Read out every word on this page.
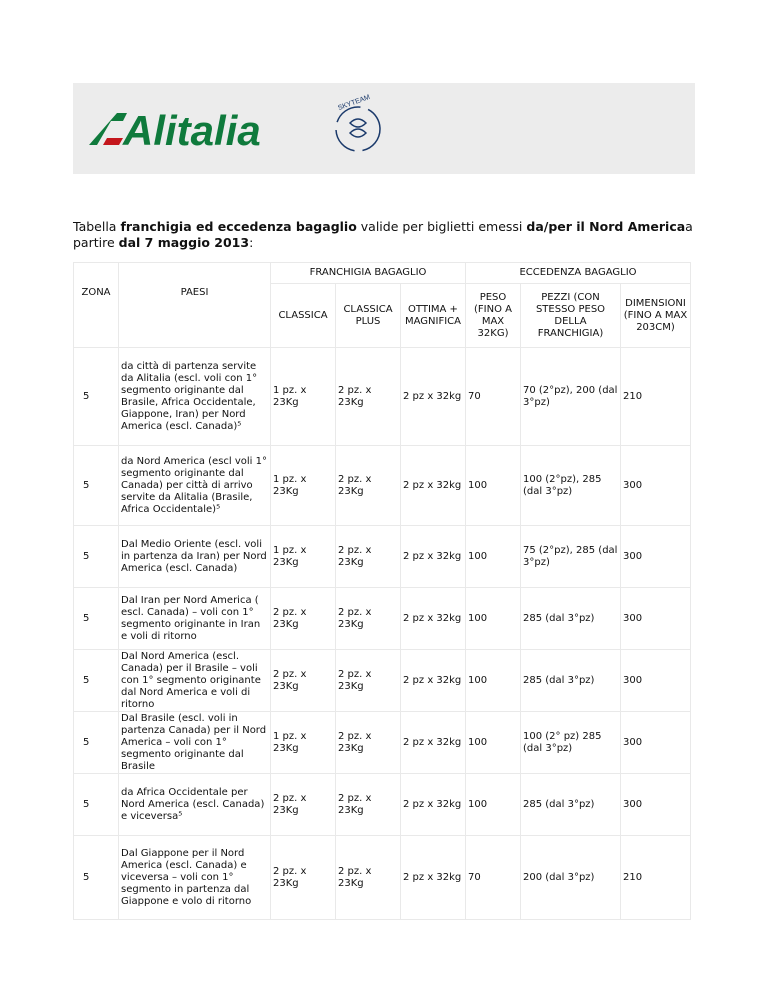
Alitalia
SKYTEAM
Tabella franchigia ed eccedenza bagaglio valide per biglietti emessi da/per il Nord Americaa partire dal 7 maggio 2013:
ZONA	PAESI	FRANCHIGIA BAGAGLIO			ECCEDENZA BAGAGLIO		
		CLASSICA	CLASSICA PLUS	OTTIMA + MAGNIFICA	PESO (FINO A MAX 32KG)	PEZZI (CON STESSO PESO DELLA FRANCHIGIA)	DIMENSIONI (FINO A MAX 203CM)
5	da città di partenza servite da Alitalia (escl. voli con 1° segmento originante dal Brasile, Africa Occidentale, Giappone, Iran) per Nord America (escl. Canada)⁵	1 pz. x 23Kg	2 pz. x 23Kg	2 pz x 32kg	70	70 (2°pz), 200 (dal 3°pz)	210
5	da Nord America (escl voli 1° segmento originante dal Canada) per città di arrivo servite da Alitalia (Brasile, Africa Occidentale)⁵	1 pz. x 23Kg	2 pz. x 23Kg	2 pz x 32kg	100	100 (2°pz), 285 (dal 3°pz)	300
5	Dal Medio Oriente (escl. voli in partenza da Iran) per Nord America (escl. Canada)	1 pz. x 23Kg	2 pz. x 23Kg	2 pz x 32kg	100	75 (2°pz), 285 (dal 3°pz)	300
5	Dal Iran per Nord America ( escl. Canada) – voli con 1° segmento originante in Iran e voli di ritorno	2 pz. x 23Kg	2 pz. x 23Kg	2 pz x 32kg	100	285 (dal 3°pz)	300
5	Dal Nord America (escl. Canada) per il Brasile – voli con 1° segmento originante dal Nord America e voli di ritorno	2 pz. x 23Kg	2 pz. x 23Kg	2 pz x 32kg	100	285 (dal 3°pz)	300
5	Dal Brasile (escl. voli in partenza Canada) per il Nord America – voli con 1° segmento originante dal Brasile	1 pz. x 23Kg	2 pz. x 23Kg	2 pz x 32kg	100	100 (2° pz) 285 (dal 3°pz)	300
5	da Africa Occidentale per Nord America (escl. Canada) e viceversa⁵	2 pz. x 23Kg	2 pz. x 23Kg	2 pz x 32kg	100	285 (dal 3°pz)	300
5	Dal Giappone per il Nord America (escl. Canada) e viceversa – voli con 1° segmento in partenza dal Giappone e volo di ritorno	2 pz. x 23Kg	2 pz. x 23Kg	2 pz x 32kg	70	200 (dal 3°pz)	210
